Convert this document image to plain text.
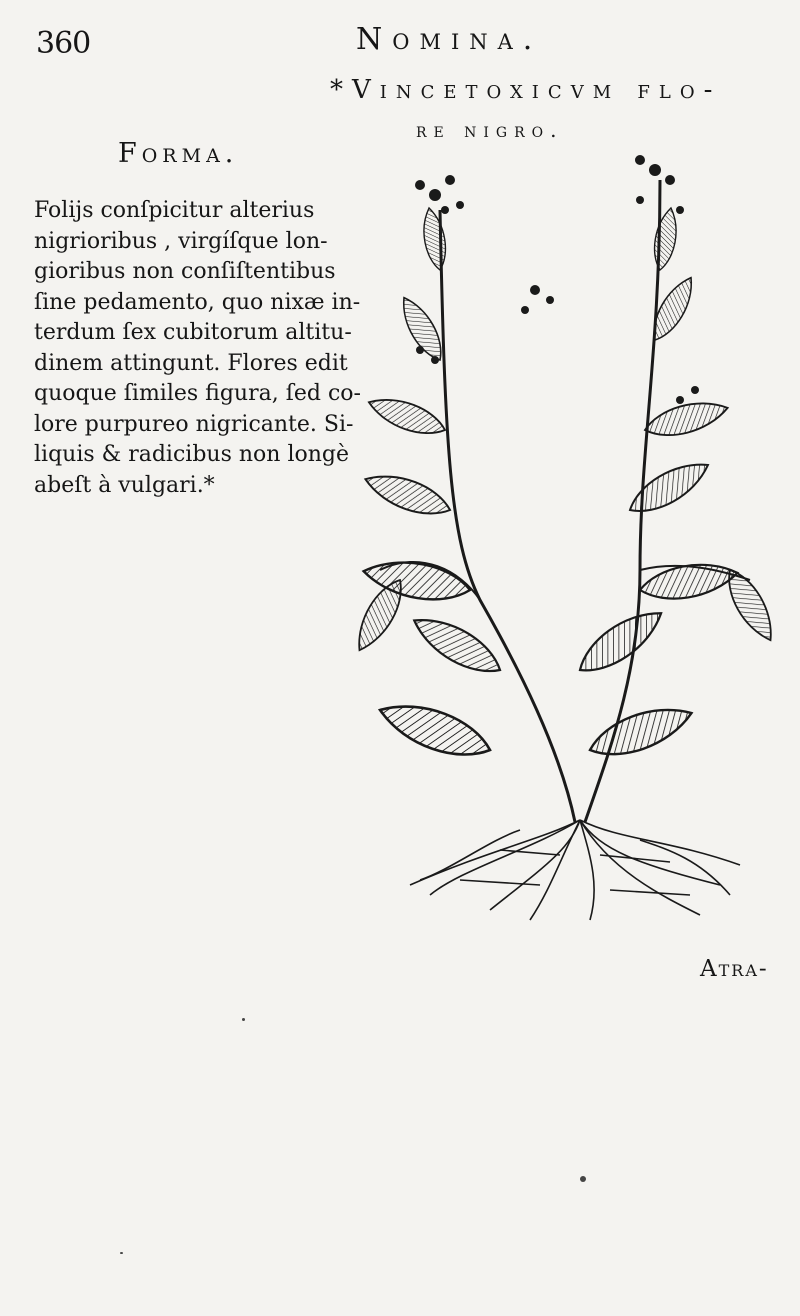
360	Nomina.
*Vincetoxicvm flo-
re nigro.
Forma.

Folijs conſpicitur alterius
nigrioribus , virgíſque lon-
gioribus non conſiſtentibus
ſine pedamento, quo nixæ in-
terdum ſex cubitorum altitu-
dinem attingunt. Flores edit
quoque ſimiles figura, ſed co-
lore purpureo nigricante. Si-
liquis & radicibus non longè
abeſt à vulgari.*

Atra-
